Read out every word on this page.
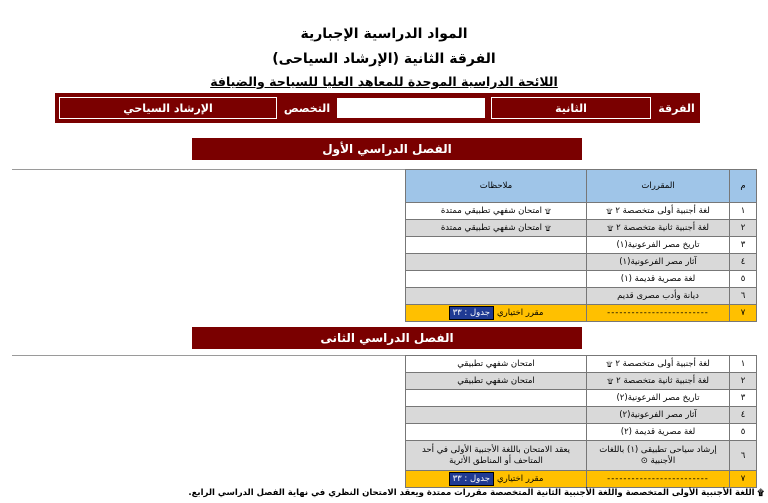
المواد الدراسية الإجبارية
الفرقة الثانية (الإرشاد السياحى)
اللائحة الدراسية الموحدة للمعاهد العليا للسياحة والضيافة
الفرقة
الثانية
التخصص
الإرشاد السياحي
الفصل الدراسي الأول
ملاحظات	المقررات	م
۩ امتحان شفهي تطبيقي ممتدة	لغة أجنبية أولى متخصصة ٢ ۩	١
۩ امتحان شفهي تطبيقي ممتدة	لغة أجنبية ثانية متخصصة ٢ ۩	٢
	تاريخ مصر الفرعونية(١)	٣
	آثار مصر الفرعونية(١)	٤
	لغة مصرية قديمة (١)	٥
	ديانة وأدب مصرى قديم	٦
مقرر اختياريجدول : ٣٣	-------------------------	٧
الفصل الدراسي الثانى
امتحان شفهي تطبيقي	لغة أجنبية أولى متخصصة ٢ ۩	١
امتحان شفهي تطبيقي	لغة أجنبية ثانية متخصصة ٢ ۩	٢
	تاريخ مصر الفرعونية(٢)	٣
	آثار مصر الفرعونية(٢)	٤
	لغة مصرية قديمة (٢)	٥
يعقد الامتحان باللغة الأجنبية الأولى في أحد المتاحف أو المناطق الأثرية	إرشاد سياحى تطبيقى (١) باللغات الأجنبية ⊙	٦
مقرر اختياريجدول : ٣٣	-------------------------	٧
۩ اللغة الأجنبية الأولى المتخصصة واللغة الأجنبية الثانية المتخصصة مقررات ممتدة ويعقد الامتحان النظري في نهاية الفصل الدراسي الرابع.
